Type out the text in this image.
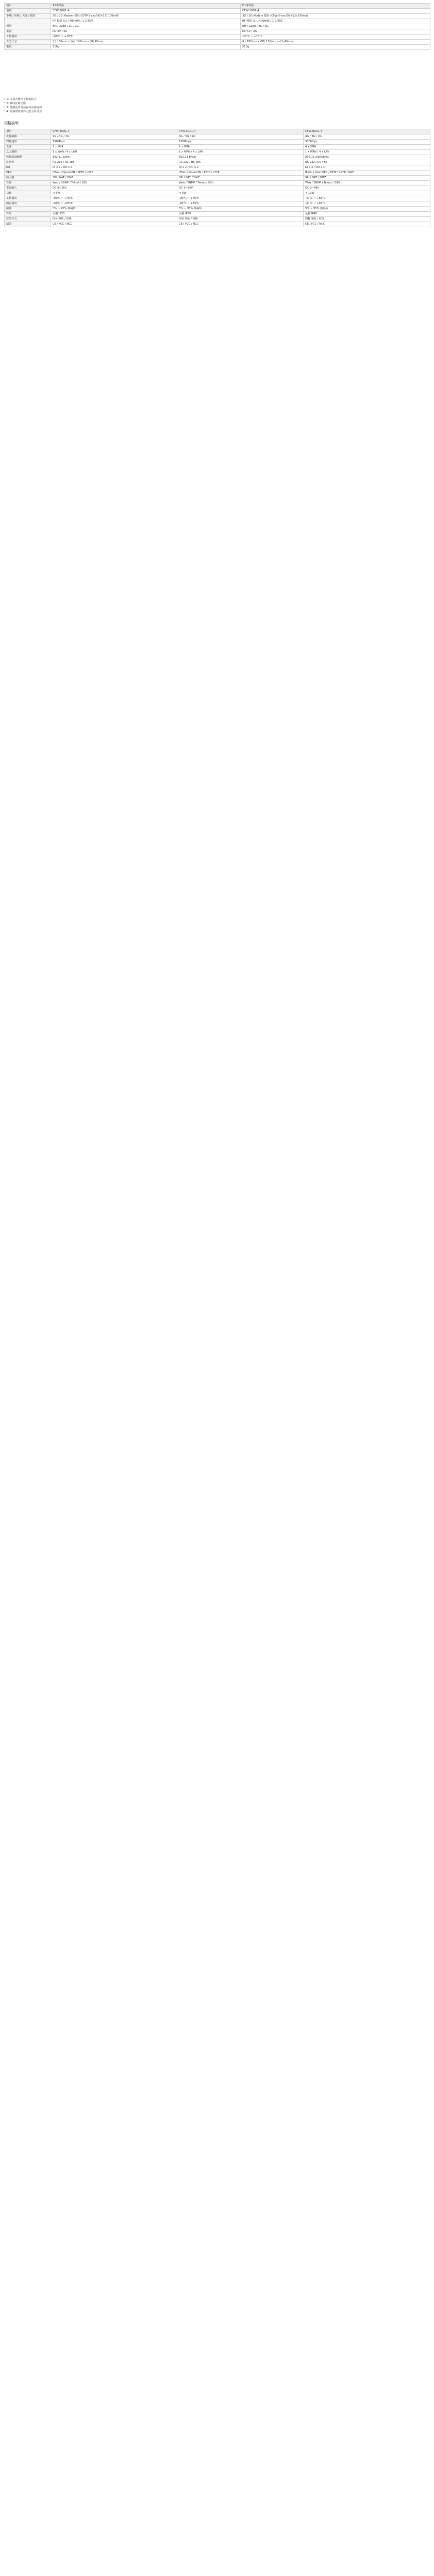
項目	A1專業版	D1專業版
型號	CFW-3G01-4	CFW-3G01-4
手機 / 射頻 / 天線 / 模組	3G / 2G Modem 模組 (CFW-3-xxx/3G+12) 100mW	3G / 2G Modem 模組 (CFW-3-xxx/3G+12) 100mW
	RF 模組 (1) / 400mW / 1-2 頻段	RF 模組 (1) / 400mW / 1-2 頻段
頻譜	8M / 32bit / 2G / 3G	8M / 32bit / 2G / 3G
電源	DC 5V / 2A	DC 5V / 2A
工作溫度	-20°C ~ +70°C	-20°C ~ +70°C
外型尺寸	(L) 180mm x (W) 120mm x (H) 45mm	(L) 180mm x (W) 120mm x (H) 45mm
重量	510g	510g
* 1: 支援各種電子標籤格式
* 2: 實時紀錄功能
* 3: 連續使用時請保持設備通風
* 4: 依據環境條件可能有所差異
規格說明
項目	CFW-3G01-4	CFW-3G01-4	CFW-NG01-4
支援網路	4G / 3G / 2G	4G / 3G / 2G	4G / 3G / 2G
傳輸速率	150Mbps	150Mbps	300Mbps
天線	2 x SMA	2 x SMA	4 x SMA
乙太網路	1 x WAN / 4 x LAN	1 x WAN / 4 x LAN	1 x WAN / 4 x LAN
無線區域網路	802.11 b/g/n	802.11 b/g/n	802.11 a/b/g/n/ac
序列埠	RS-232 / RS-485	RS-232 / RS-485	RS-232 / RS-485
I/O	DI x 2 / DO x 2	DI x 2 / DO x 2	DI x 4 / DO x 4
VPN	IPSec / OpenVPN / PPTP / L2TP	IPSec / OpenVPN / PPTP / L2TP	IPSec / OpenVPN / PPTP / L2TP / GRE
防火牆	SPI / NAT / DMZ	SPI / NAT / DMZ	SPI / NAT / DMZ
管理	Web / SNMP / Telnet / SSH	Web / SNMP / Telnet / SSH	Web / SNMP / Telnet / SSH
電源輸入	DC 9~36V	DC 9~36V	DC 9~48V
功耗	< 6W	< 6W	< 10W
工作溫度	-30°C ~ +75°C	-30°C ~ +75°C	-40°C ~ +85°C
儲存溫度	-40°C ~ +85°C	-40°C ~ +85°C	-40°C ~ +85°C
濕度	5% ~ 95% 無凝結	5% ~ 95% 無凝結	5% ~ 95% 無凝結
外殼	金屬 IP30	金屬 IP30	金屬 IP40
安裝方式	DIN 導軌 / 壁掛	DIN 導軌 / 壁掛	DIN 導軌 / 壁掛
認證	CE / FCC / NCC	CE / FCC / NCC	CE / FCC / NCC
